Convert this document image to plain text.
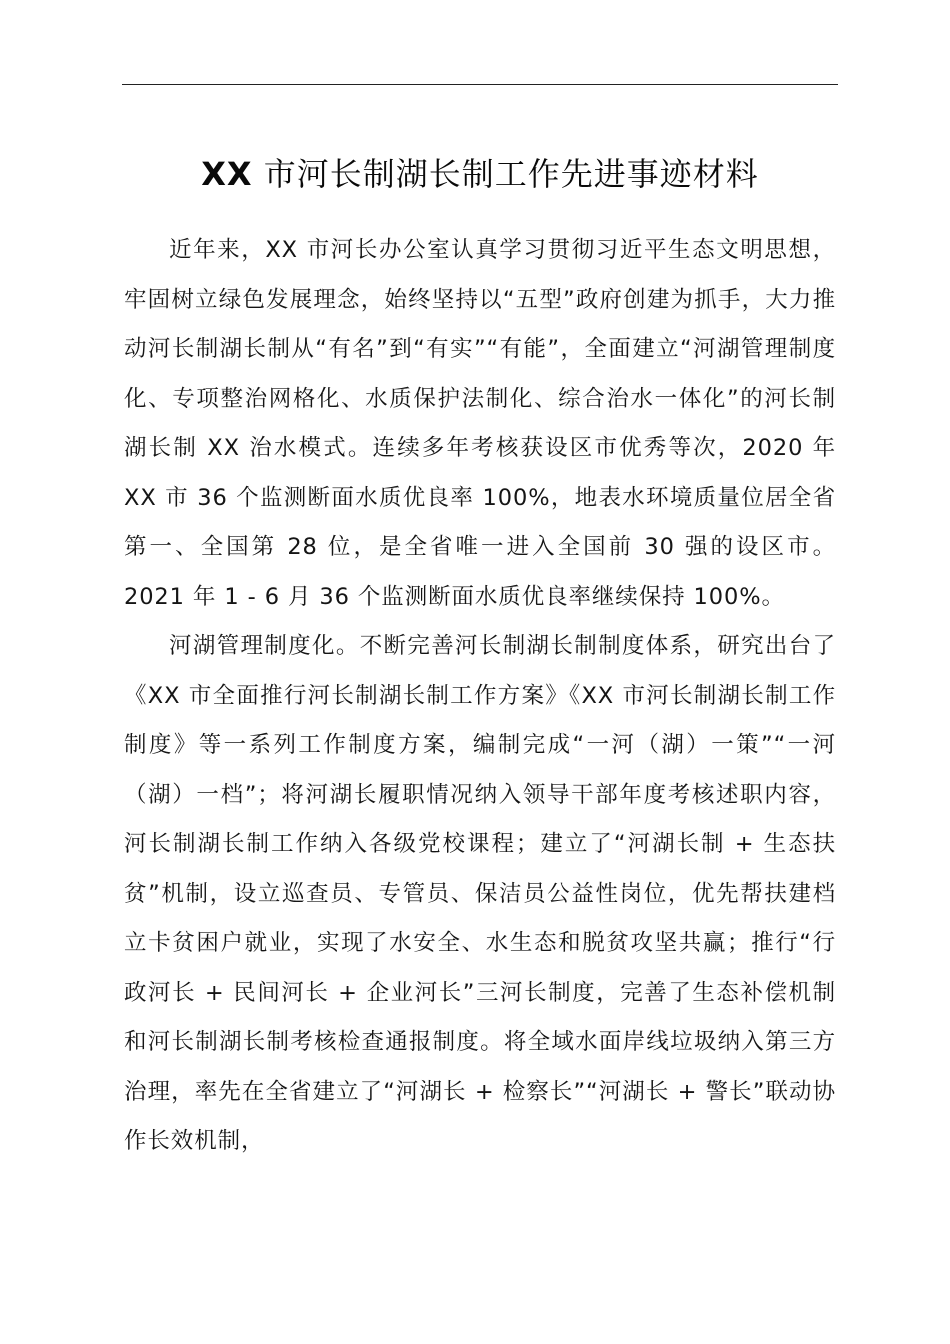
XX 市河长制湖长制工作先进事迹材料

近年来，XX 市河长办公室认真学习贯彻习近平生态文明思想，牢固树立绿色发展理念，始终坚持以“五型”政府创建为抓手，大力推动河长制湖长制从“有名”到“有实”“有能”，全面建立“河湖管理制度化、专项整治网格化、水质保护法制化、综合治水一体化”的河长制湖长制 XX 治水模式。连续多年考核获设区市优秀等次，2020 年 XX 市 36 个监测断面水质优良率 100%，地表水环境质量位居全省第一、全国第 28 位，是全省唯一进入全国前 30 强的设区市。2021 年 1 - 6 月 36 个监测断面水质优良率继续保持 100%。

河湖管理制度化。不断完善河长制湖长制制度体系，研究出台了《XX 市全面推行河长制湖长制工作方案》《XX 市河长制湖长制工作制度》等一系列工作制度方案，编制完成“一河（湖）一策”“一河（湖）一档”；将河湖长履职情况纳入领导干部年度考核述职内容，河长制湖长制工作纳入各级党校课程；建立了“河湖长制 + 生态扶贫”机制，设立巡查员、专管员、保洁员公益性岗位，优先帮扶建档立卡贫困户就业，实现了水安全、水生态和脱贫攻坚共赢；推行“行政河长 + 民间河长 + 企业河长”三河长制度，完善了生态补偿机制和河长制湖长制考核检查通报制度。将全域水面岸线垃圾纳入第三方治理，率先在全省建立了“河湖长 + 检察长”“河湖长 + 警长”联动协作长效机制，
